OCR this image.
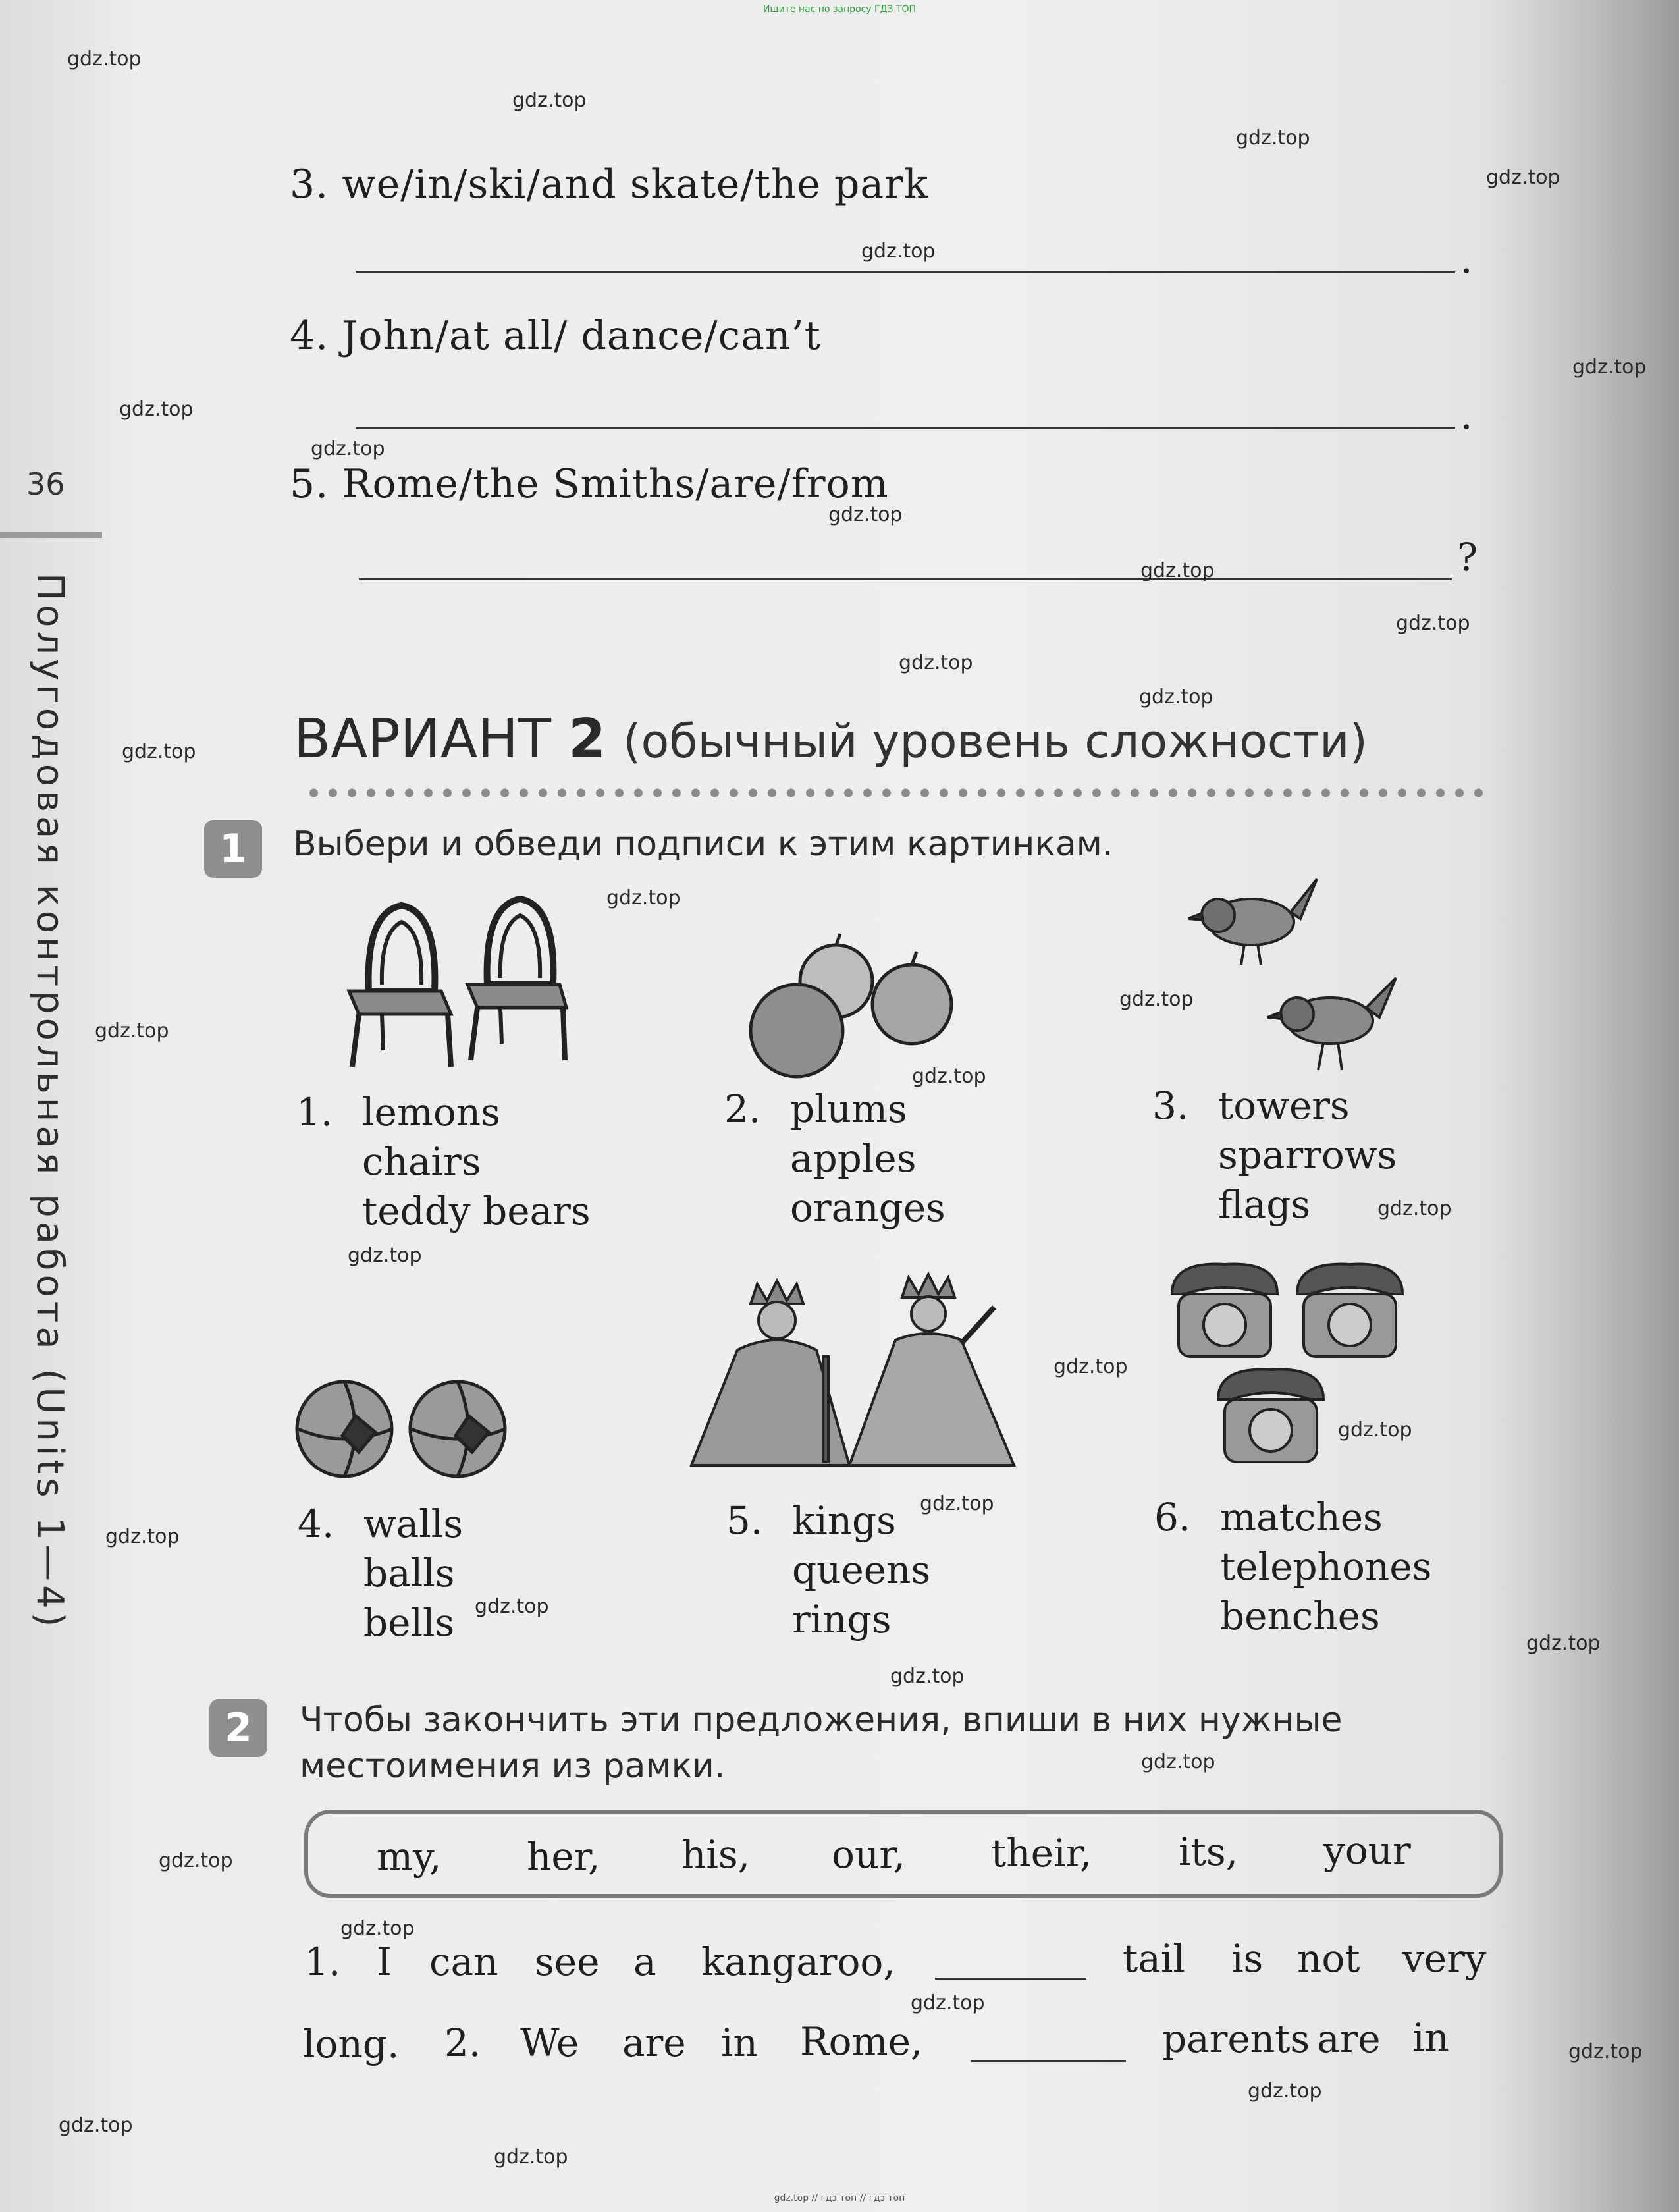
Ищите нас по запросу ГДЗ ТОП
36
Полугодовая контрольная работа (Units 1—4)
3. we/in/ski/and skate/the park
.
4. John/at all/ dance/can’t
.
5. Rome/the Smiths/are/from
?
ВАРИАНТ 2 (обычный уровень сложности)
1	Выбери и обведи подписи к этим картинкам.
1. lemons
chairs
teddy bears
2. plums
apples
oranges
3. towers
sparrows
flags
4. walls
balls
bells
5. kings
queens
rings
6. matches
telephones
benches
2	Чтобы закончить эти предложения, впиши в них нужные
местоимения из рамки.
my, her, his, our, their, its, your
1. I can see a kangaroo,	tail is not very
long. 2. We are in Rome,	parents are in
gdz.top
gdz.top
gdz.top
gdz.top
gdz.top
gdz.top
gdz.top
gdz.top
gdz.top
gdz.top
gdz.top
gdz.top
gdz.top
gdz.top
gdz.top
gdz.top
gdz.top
gdz.top
gdz.top
gdz.top
gdz.top
gdz.top
gdz.top
gdz.top
gdz.top
gdz.top
gdz.top
gdz.top
gdz.top
gdz.top
gdz.top
gdz.top
gdz.top
gdz.top
gdz.top
gdz.top // гдз топ // гдз топ
